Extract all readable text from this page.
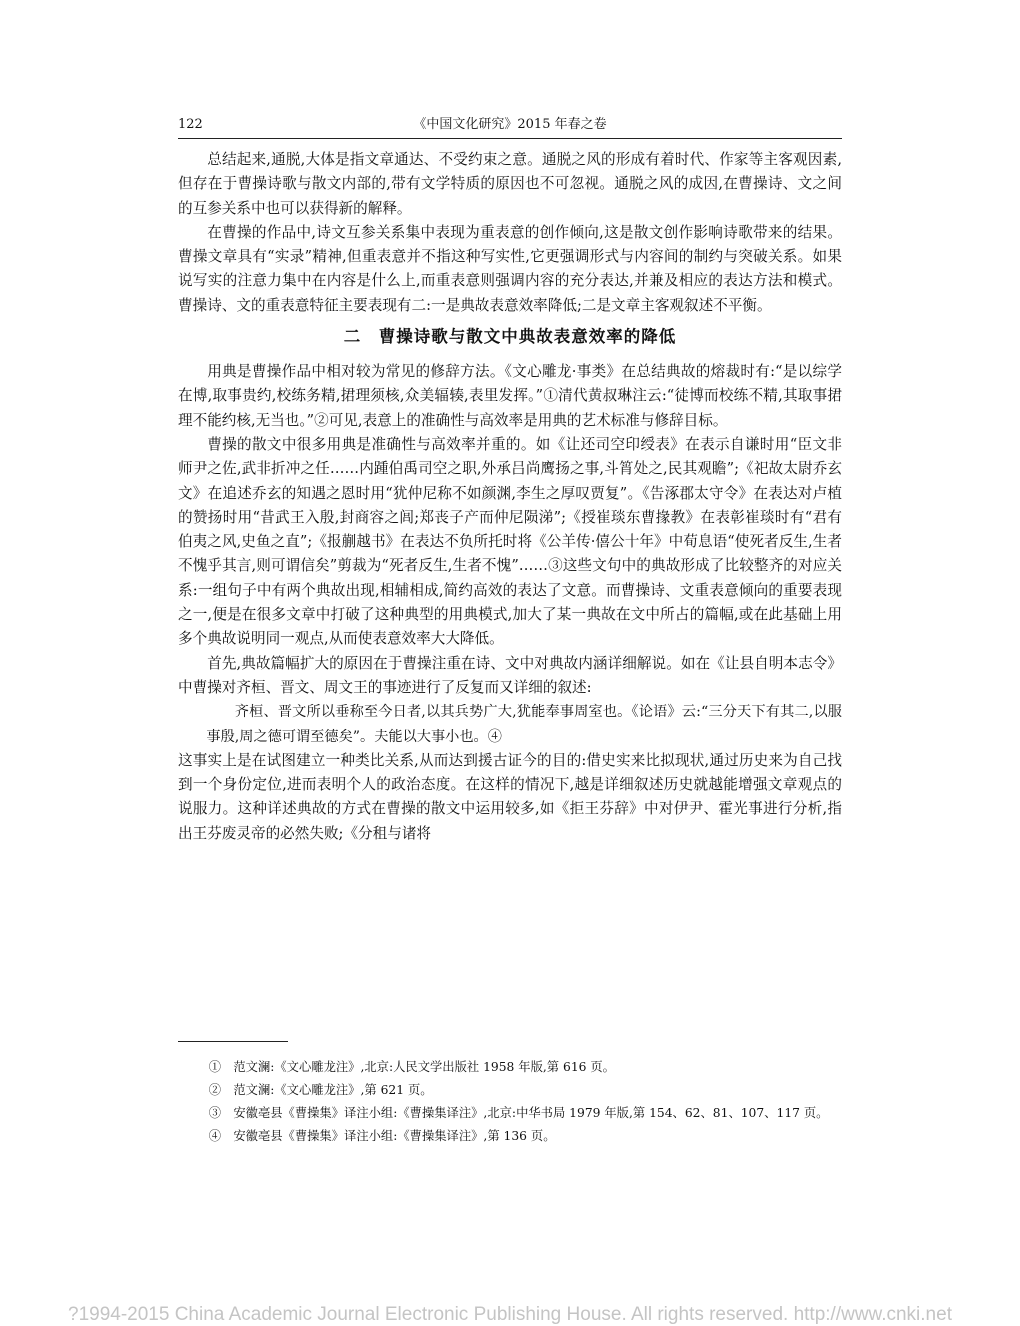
122	《中国文化研究》2015 年春之卷

总结起来,通脱,大体是指文章通达、不受约束之意。通脱之风的形成有着时代、作家等主客观因素,但存在于曹操诗歌与散文内部的,带有文学特质的原因也不可忽视。通脱之风的成因,在曹操诗、文之间的互参关系中也可以获得新的解释。

在曹操的作品中,诗文互参关系集中表现为重表意的创作倾向,这是散文创作影响诗歌带来的结果。曹操文章具有“实录”精神,但重表意并不指这种写实性,它更强调形式与内容间的制约与突破关系。如果说写实的注意力集中在内容是什么上,而重表意则强调内容的充分表达,并兼及相应的表达方法和模式。曹操诗、文的重表意特征主要表现有二:一是典故表意效率降低;二是文章主客观叙述不平衡。

二　曹操诗歌与散文中典故表意效率的降低

用典是曹操作品中相对较为常见的修辞方法。《文心雕龙·事类》在总结典故的熔裁时有:“是以综学在博,取事贵约,校练务精,捃理须核,众美辐辏,表里发挥。”①清代黄叔琳注云:“徒博而校练不精,其取事捃理不能约核,无当也。”②可见,表意上的准确性与高效率是用典的艺术标准与修辞目标。

曹操的散文中很多用典是准确性与高效率并重的。如《让还司空印绶表》在表示自谦时用“臣文非师尹之佐,武非折冲之任……内踵伯禹司空之职,外承吕尚鹰扬之事,斗筲处之,民其观瞻”;《祀故太尉乔玄文》在追述乔玄的知遇之恩时用“犹仲尼称不如颜渊,李生之厚叹贾复”。《告涿郡太守令》在表达对卢植的赞扬时用“昔武王入殷,封商容之闾;郑丧子产而仲尼陨涕”;《授崔琰东曹掾教》在表彰崔琰时有“君有伯夷之风,史鱼之直”;《报蒯越书》在表达不负所托时将《公羊传·僖公十年》中荀息语“使死者反生,生者不愧乎其言,则可谓信矣”剪裁为“死者反生,生者不愧”……③这些文句中的典故形成了比较整齐的对应关系:一组句子中有两个典故出现,相辅相成,简约高效的表达了文意。而曹操诗、文重表意倾向的重要表现之一,便是在很多文章中打破了这种典型的用典模式,加大了某一典故在文中所占的篇幅,或在此基础上用多个典故说明同一观点,从而使表意效率大大降低。

首先,典故篇幅扩大的原因在于曹操注重在诗、文中对典故内涵详细解说。如在《让县自明本志令》中曹操对齐桓、晋文、周文王的事迹进行了反复而又详细的叙述:

齐桓、晋文所以垂称至今日者,以其兵势广大,犹能奉事周室也。《论语》云:“三分天下有其二,以服事殷,周之德可谓至德矣”。夫能以大事小也。④

这事实上是在试图建立一种类比关系,从而达到援古证今的目的:借史实来比拟现状,通过历史来为自己找到一个身份定位,进而表明个人的政治态度。在这样的情况下,越是详细叙述历史就越能增强文章观点的说服力。这种详述典故的方式在曹操的散文中运用较多,如《拒王芬辞》中对伊尹、霍光事进行分析,指出王芬废灵帝的必然失败;《分租与诸将

①　范文澜:《文心雕龙注》,北京:人民文学出版社 1958 年版,第 616 页。

②　范文澜:《文心雕龙注》,第 621 页。

③　安徽亳县《曹操集》译注小组:《曹操集译注》,北京:中华书局 1979 年版,第 154、62、81、107、117 页。

④　安徽亳县《曹操集》译注小组:《曹操集译注》,第 136 页。

?1994-2015 China Academic Journal Electronic Publishing House. All rights reserved. http://www.cnki.net
